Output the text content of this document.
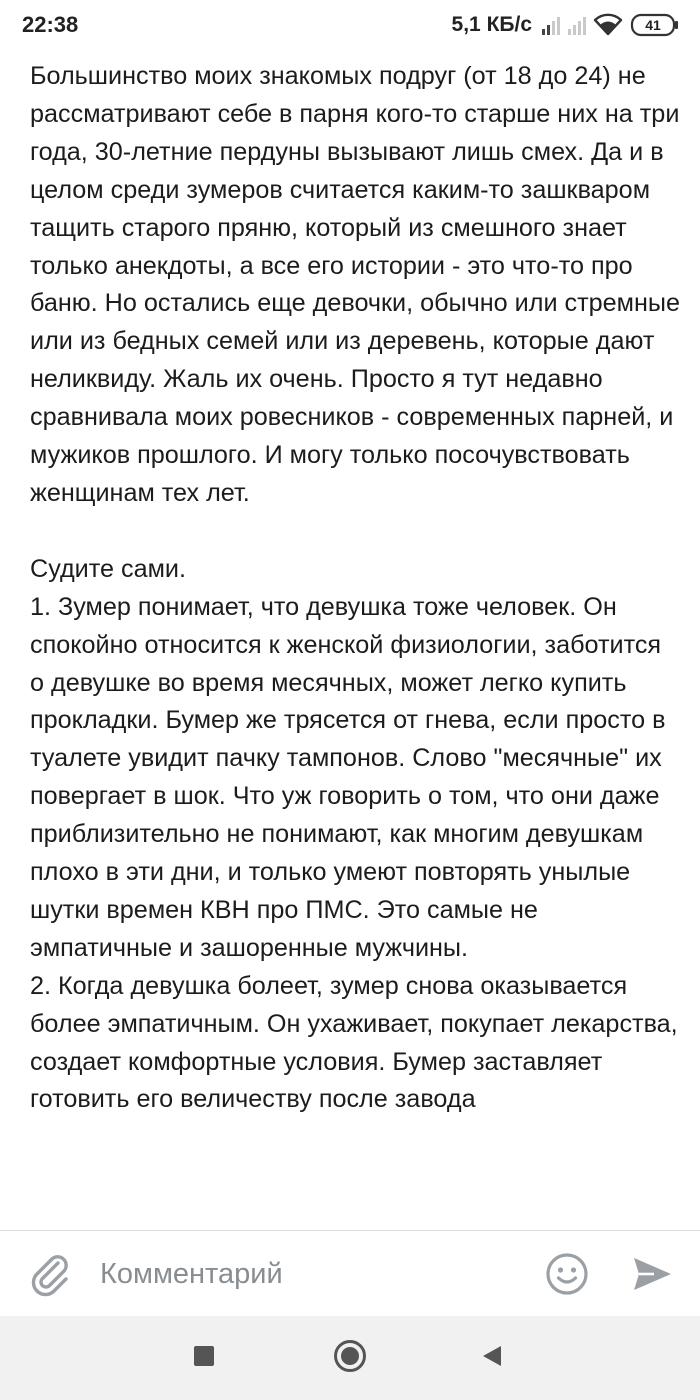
22:38	5,1 КБ/с	41

Большинство моих знакомых подруг (от 18 до 24) не рассматривают себе в парня кого-то старше них на три года, 30-летние пердуны вызывают лишь смех. Да и в целом среди зумеров считается каким-то зашкваром тащить старого пряню, который из смешного знает только анекдоты, а все его истории - это что-то про баню. Но остались еще девочки, обычно или стремные или из бедных семей или из деревень, которые дают неликвиду. Жаль их очень. Просто я тут недавно сравнивала моих ровесников - современных парней, и мужиков прошлого. И могу только посочувствовать женщинам тех лет.

Судите сами.
1. Зумер понимает, что девушка тоже человек. Он спокойно относится к женской физиологии, заботится о девушке во время месячных, может легко купить прокладки. Бумер же трясется от гнева, если просто в туалете увидит пачку тампонов. Слово "месячные" их повергает в шок. Что уж говорить о том, что они даже приблизительно не понимают, как многим девушкам плохо в эти дни, и только умеют повторять унылые шутки времен КВН про ПМС. Это самые не эмпатичные и зашоренные мужчины.
2. Когда девушка болеет, зумер снова оказывается более эмпатичным. Он ухаживает, покупает лекарства, создает комфортные условия. Бумер заставляет готовить его величеству после завода

Комментарий
